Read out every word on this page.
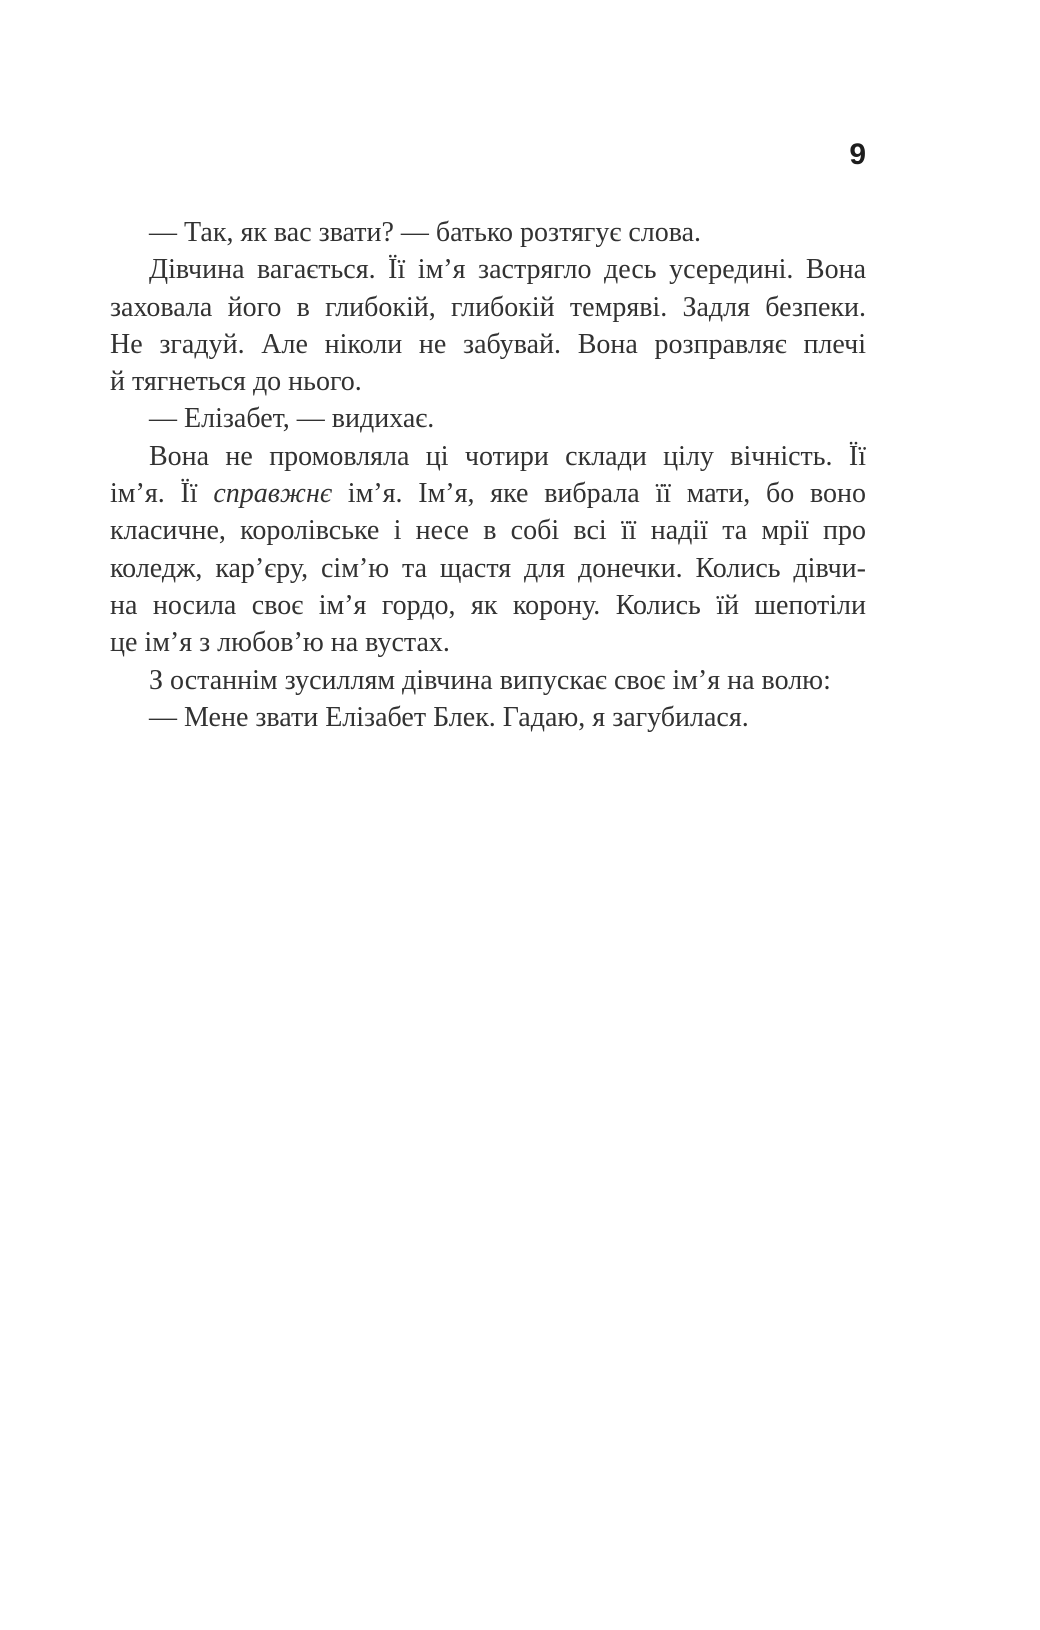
9
— Так, як вас звати? — батько розтягує слова.
Дівчина вагається. Її ім’я застрягло десь усередині. Вона
заховала його в глибокій, глибокій темряві. Задля безпеки.
Не згадуй. Але ніколи не забувай. Вона розправляє плечі
й тягнеться до нього.
— Елізабет, — видихає.
Вона не промовляла ці чотири склади цілу вічність. Її
ім’я. Її справжнє ім’я. Ім’я, яке вибрала її мати, бо воно
класичне, королівське і несе в собі всі її надії та мрії про
коледж, кар’єру, сім’ю та щастя для донечки. Колись дівчи-
на носила своє ім’я гордо, як корону. Колись їй шепотіли
це ім’я з любов’ю на вустах.
З останнім зусиллям дівчина випускає своє ім’я на волю:
— Мене звати Елізабет Блек. Гадаю, я загубилася.
